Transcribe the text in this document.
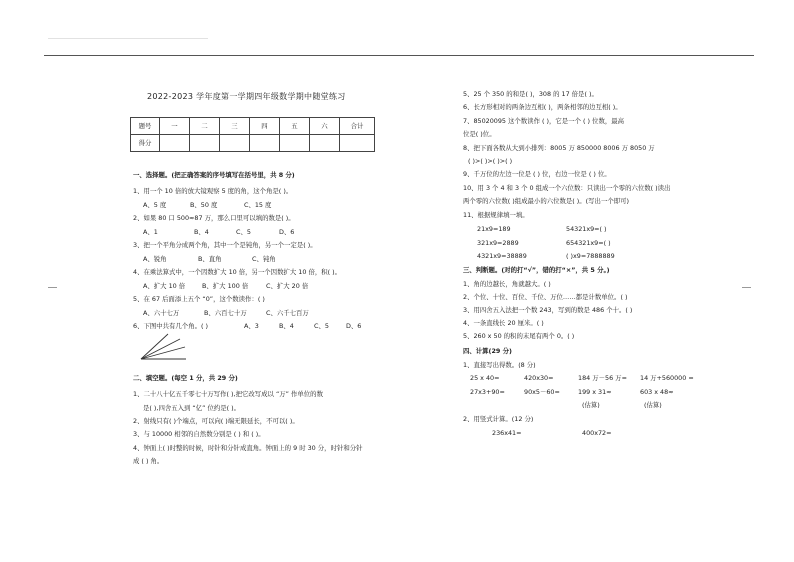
2022-2023 学年度第一学期四年级数学期中随堂练习
题号	一	二	三	四	五	六	合计
得分							
一、选择题。(把正确答案的序号填写在括号里，共 8 分)
1、用一个 10 倍的放大镜观察 5 度的角，这个角是( )。
A、5 度	B、50 度	C、15 度
2、如果 80 口 500≈87 万，那么口里可以填的数是( )。
A、1	B、4	C、5	D、6
3、把一个平角分成两个角，其中一个是钝角，另一个一定是( )。
A、锐角	B、直角	C、钝角
4、在乘法算式中，一个因数扩大 10 倍，另一个因数扩大 10 倍，积( )。
A、扩大 10 倍	B、扩大 100 倍	C、扩大 20 倍
5、在 67 后面添上五个 “0”，这个数读作：( )
A、六十七万	B、六百七十万	C、六千七百万
6、下图中共有几个角。( )	A、3	B、4	C、5	D、6
二、填空题。(每空 1 分，共 29 分)
1、二十八十亿五千零七十万写作( ),把它改写成以 “万” 作单位的数
是( ),四舍五入到 “亿” 位约是( )。
2、射线只有( )个端点，可以向( )端无限延长，不可以( )。
3、与 10000 相邻的自然数分别是 ( ) 和 ( )。
4、钟面上( )时整的时候，时针和分针成直角。钟面上的 9 时 30 分，时针和分针
成 ( ) 角。
5、25 个 350 的和是( )，308 的 17 倍是( )。
6、长方形相对的两条边互相( )，两条相邻的边互相( )。
7、85020095 这个数读作 ( )，它是一个 ( ) 位数，最高
位是( )位。
8、把下面各数从大到小排列：8005 万 850000 8006 万 8050 万
( )>( )>( )>( )
9、千万位的左边一位是 ( ) 位，右边一位是 ( ) 位。
10、用 3 个 4 和 3 个 0 组成一个六位数：只读出一个零的六位数( )读出
两个零的六位数( )组成最小的六位数是( )。(写出一个即可)
11、根据规律填一填。
21x9=189	54321x9=( )
321x9=2889	654321x9=( )
4321x9=38889	( )x9=7888889
三、判断题。(对的打“√”，错的打“×”，共 5 分。)
1、角的边越长，角就越大。( )
2、个位、十位、百位、千位、万位……都是计数单位。( )
3、用四舍五入法把一个数 243，写到的数是 486 个十。( )
4、一条直线长 20 厘米。( )
5、260 x 50 的积的末尾有两个 0。( )
四、计算(29 分)
1、直接写出得数。(8 分)
25 x 40=	420x30=	184 万－56 万= 14 万+560000 =
27x3+90=	90x5－60=	199 x 31≈	603 x 48≈
(估算)	(估算)
2、用竖式计算。(12 分)
236x41=	400x72=
